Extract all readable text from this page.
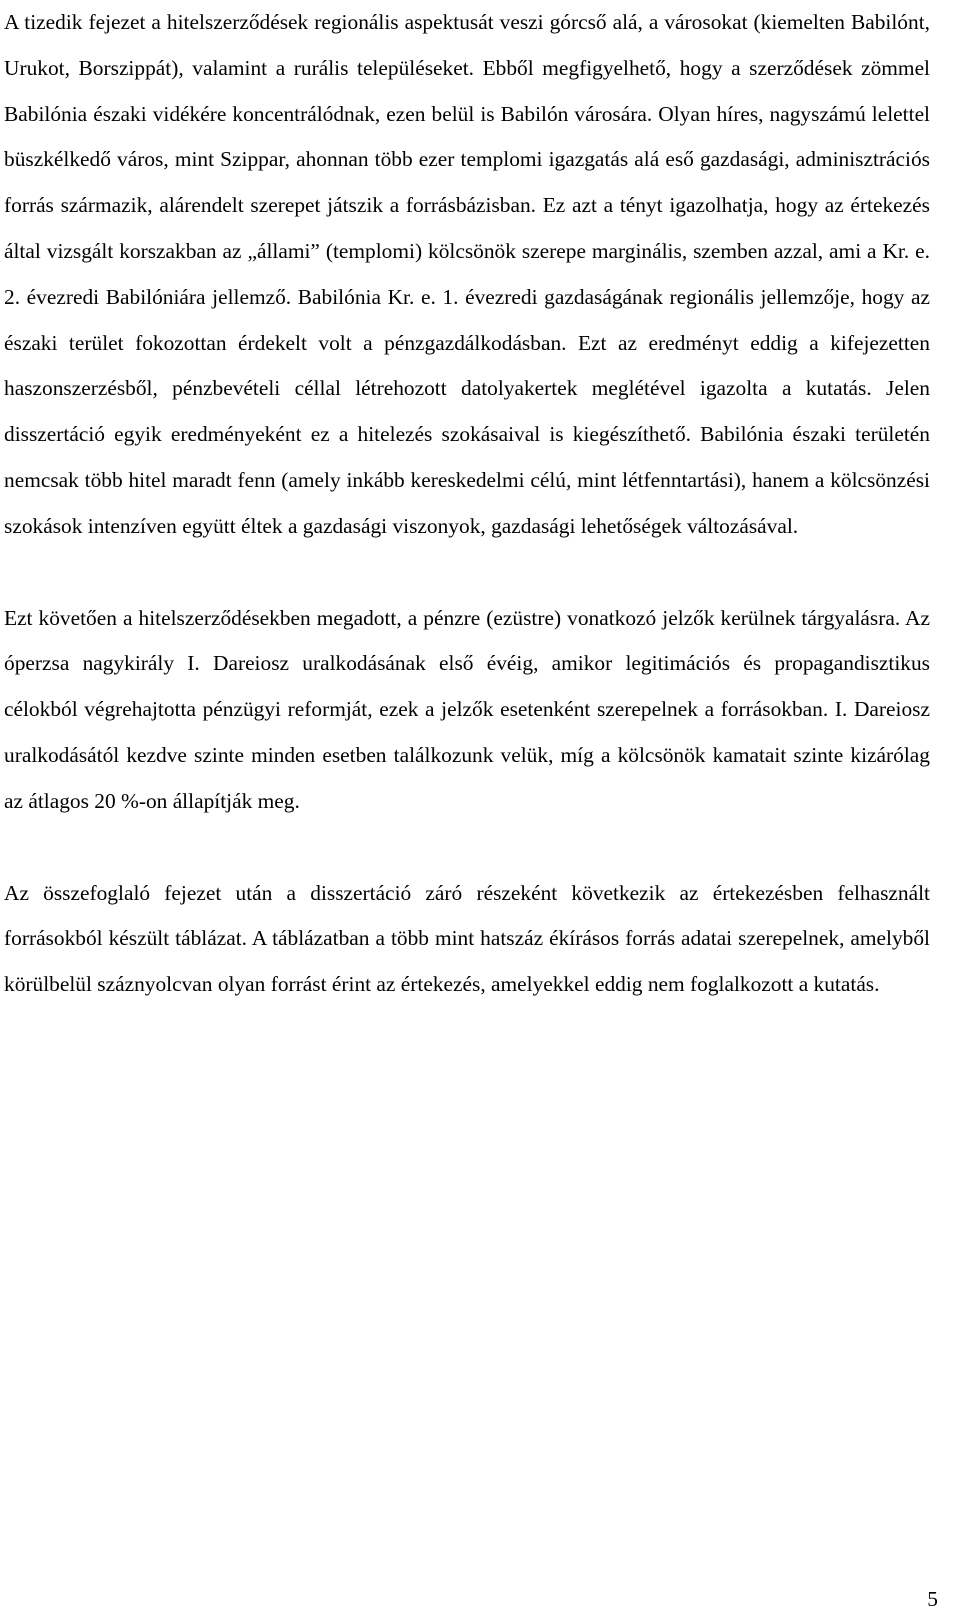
A tizedik fejezet a hitelszerződések regionális aspektusát veszi górcső alá, a városokat (kiemelten Babilónt, Urukot, Borszippát), valamint a rurális településeket. Ebből megfigyelhető, hogy a szerződések zömmel Babilónia északi vidékére koncentrálódnak, ezen belül is Babilón városára. Olyan híres, nagyszámú lelettel büszkélkedő város, mint Szippar, ahonnan több ezer templomi igazgatás alá eső gazdasági, adminisztrációs forrás származik, alárendelt szerepet játszik a forrásbázisban. Ez azt a tényt igazolhatja, hogy az értekezés által vizsgált korszakban az „állami” (templomi) kölcsönök szerepe marginális, szemben azzal, ami a Kr. e. 2. évezredi Babilóniára jellemző. Babilónia Kr. e. 1. évezredi gazdaságának regionális jellemzője, hogy az északi terület fokozottan érdekelt volt a pénzgazdálkodásban. Ezt az eredményt eddig a kifejezetten haszonszerzésből, pénzbevételi céllal létrehozott datolyakertek meglétével igazolta a kutatás. Jelen disszertáció egyik eredményeként ez a hitelezés szokásaival is kiegészíthető. Babilónia északi területén nemcsak több hitel maradt fenn (amely inkább kereskedelmi célú, mint létfenntartási), hanem a kölcsönzési szokások intenzíven együtt éltek a gazdasági viszonyok, gazdasági lehetőségek változásával.

Ezt követően a hitelszerződésekben megadott, a pénzre (ezüstre) vonatkozó jelzők kerülnek tárgyalásra. Az óperzsa nagykirály I. Dareiosz uralkodásának első évéig, amikor legitimációs és propagandisztikus célokból végrehajtotta pénzügyi reformját, ezek a jelzők esetenként szerepelnek a forrásokban. I. Dareiosz uralkodásától kezdve szinte minden esetben találkozunk velük, míg a kölcsönök kamatait szinte kizárólag az átlagos 20 %-on állapítják meg.

Az összefoglaló fejezet után a disszertáció záró részeként következik az értekezésben felhasznált forrásokból készült táblázat. A táblázatban a több mint hatszáz ékírásos forrás adatai szerepelnek, amelyből körülbelül száznyolcvan olyan forrást érint az értekezés, amelyekkel eddig nem foglalkozott a kutatás.

5
